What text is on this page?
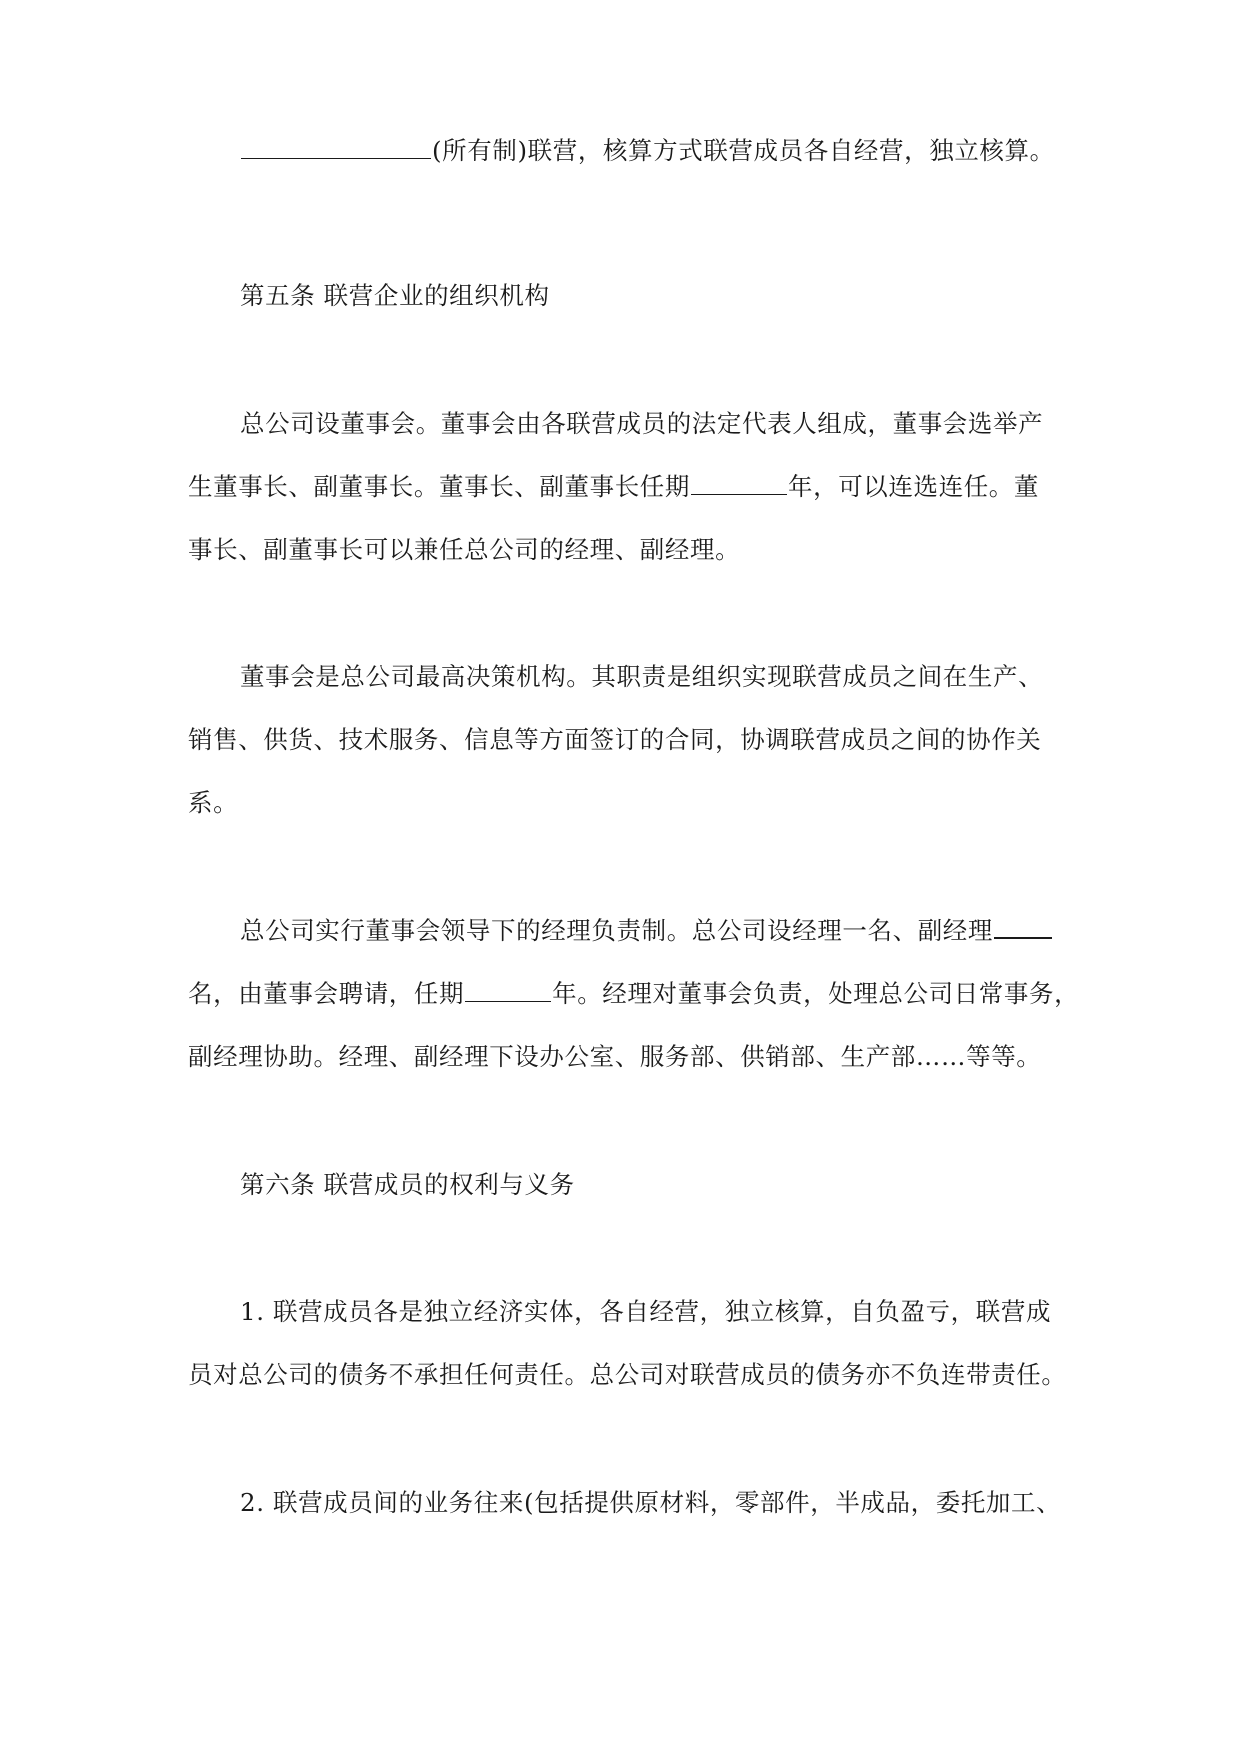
(所有制)联营，核算方式联营成员各自经营，独立核算。
第五条 联营企业的组织机构
总公司设董事会。董事会由各联营成员的法定代表人组成，董事会选举产
生董事长、副董事长。董事长、副董事长任期	年，可以连选连任。董
事长、副董事长可以兼任总公司的经理、副经理。
董事会是总公司最高决策机构。其职责是组织实现联营成员之间在生产、
销售、供货、技术服务、信息等方面签订的合同，协调联营成员之间的协作关
系。
总公司实行董事会领导下的经理负责制。总公司设经理一名、副经理
名，由董事会聘请，任期	年。经理对董事会负责，处理总公司日常事务，
副经理协助。经理、副经理下设办公室、服务部、供销部、生产部……等等。
第六条 联营成员的权利与义务
1. 联营成员各是独立经济实体，各自经营，独立核算，自负盈亏，联营成
员对总公司的债务不承担任何责任。总公司对联营成员的债务亦不负连带责任。
2. 联营成员间的业务往来(包括提供原材料，零部件，半成品，委托加工、
